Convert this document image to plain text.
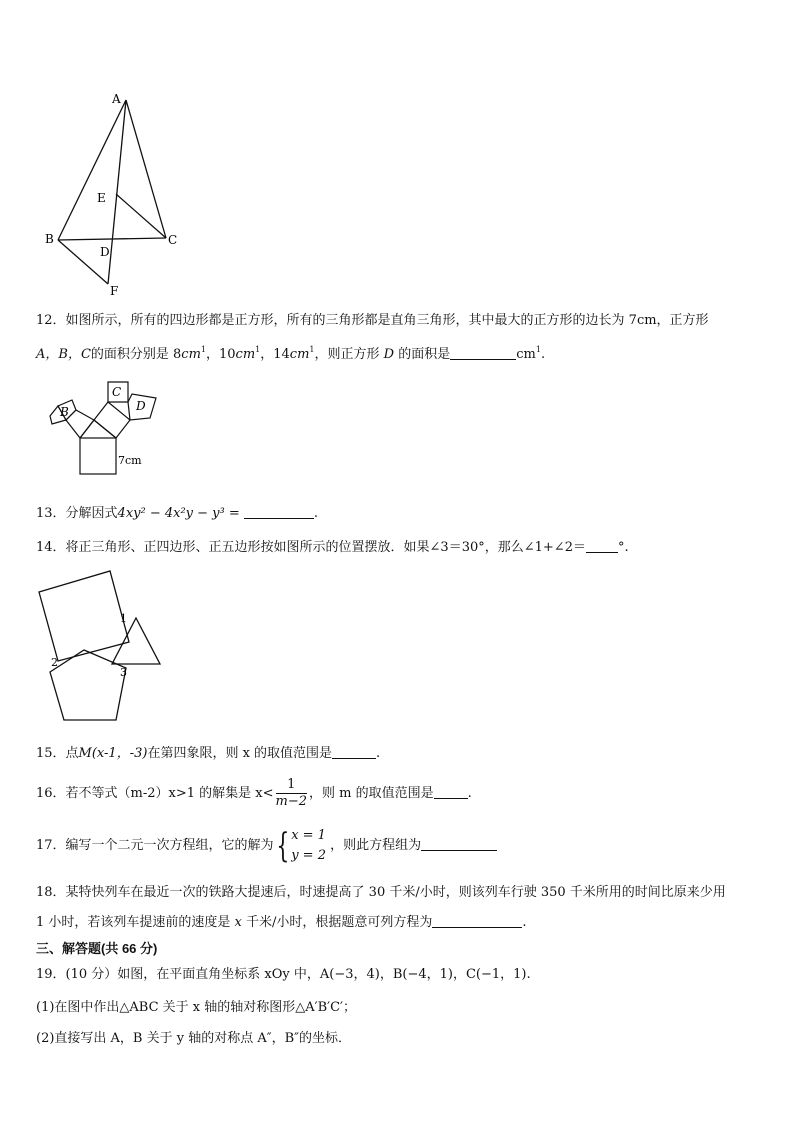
A
B	C
D
E
F
12．如图所示，所有的四边形都是正方形，所有的三角形都是直角三角形，其中最大的正方形的边长为 7cm，正方形
A，B，C的面积分别是 $8cm^1$，$10cm^1$，$14cm^1$，则正方形 D 的面积是	$cm^1$.
B
C
D
7cm
13．分解因式4xy² − 4x²y − y³ =	.
14．将正三角形、正四边形、正五边形按如图所示的位置摆放．如果∠3＝30°，那么∠1+∠2＝ °.
1
2
3
15．点M(x-1，-3)在第四象限，则 x 的取值范围是	.
16．若不等式（m-2）x>1 的解集是 $x< \frac{1}{m-2}$ ，则 m 的取值范围是	.
17．编写一个二元一次方程组，它的解为{ x = 1
y = 2
，则此方程组为
18．某特快列车在最近一次的铁路大提速后，时速提高了 30 千米/小时，则该列车行驶 350 千米所用的时间比原来少用
1 小时，若该列车提速前的速度是 x 千米/小时，根据题意可列方程为	.
三、解答题(共 66 分)
19．(10 分）如图，在平面直角坐标系 xOy 中，A(−3，4)，B(−4，1)，C(−1，1).
(1)在图中作出△ABC 关于 x 轴的轴对称图形△A′B′C′；
(2)直接写出 A，B 关于 y 轴的对称点 A″，B″的坐标．
